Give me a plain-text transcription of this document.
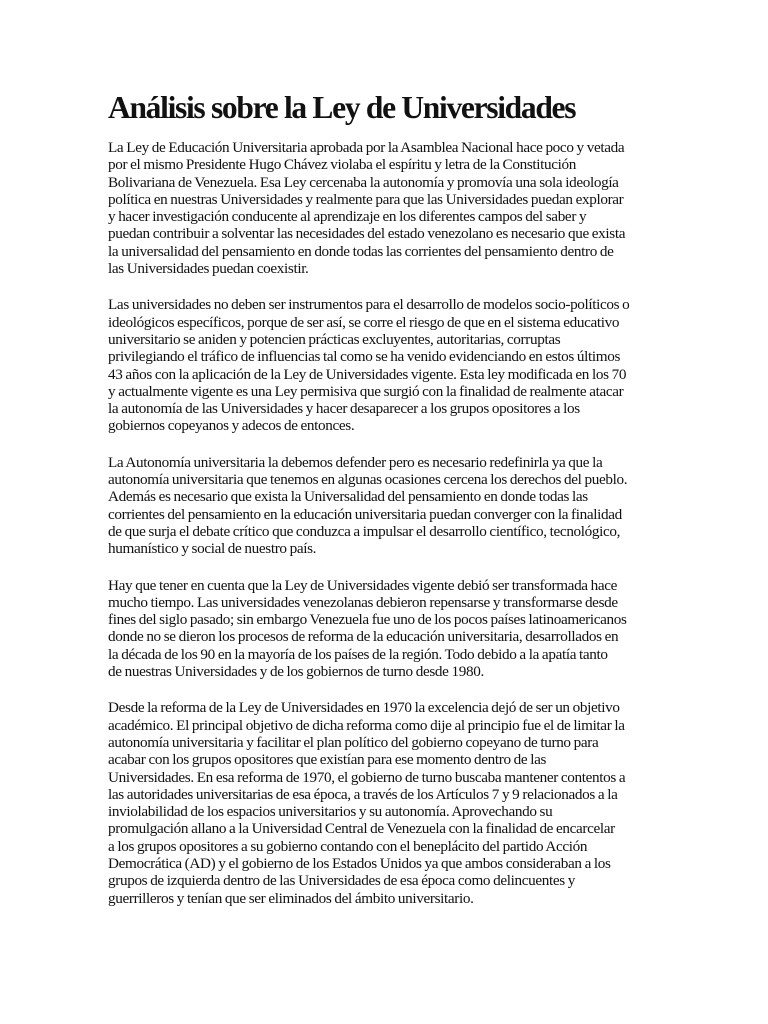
Análisis sobre la Ley de Universidades

La Ley de Educación Universitaria aprobada por la Asamblea Nacional hace poco y vetada
por el mismo Presidente Hugo Chávez violaba el espíritu y letra de la Constitución
Bolivariana de Venezuela. Esa Ley cercenaba la autonomía y promovía una sola ideología
política en nuestras Universidades y realmente para que las Universidades puedan explorar
y hacer investigación conducente al aprendizaje en los diferentes campos del saber y
puedan contribuir a solventar las necesidades del estado venezolano es necesario que exista
la universalidad del pensamiento en donde todas las corrientes del pensamiento dentro de
las Universidades puedan coexistir.

Las universidades no deben ser instrumentos para el desarrollo de modelos socio-políticos o
ideológicos específicos, porque de ser así, se corre el riesgo de que en el sistema educativo
universitario se aniden y potencien prácticas excluyentes, autoritarias, corruptas
privilegiando el tráfico de influencias tal como se ha venido evidenciando en estos últimos
43 años con la aplicación de la Ley de Universidades vigente. Esta ley modificada en los 70
y actualmente vigente es una Ley permisiva que surgió con la finalidad de realmente atacar
la autonomía de las Universidades y hacer desaparecer a los grupos opositores a los
gobiernos copeyanos y adecos de entonces.

La Autonomía universitaria la debemos defender pero es necesario redefinirla ya que la
autonomía universitaria que tenemos en algunas ocasiones cercena los derechos del pueblo.
Además es necesario que exista la Universalidad del pensamiento en donde todas las
corrientes del pensamiento en la educación universitaria puedan converger con la finalidad
de que surja el debate crítico que conduzca a impulsar el desarrollo científico, tecnológico,
humanístico y social de nuestro país.

Hay que tener en cuenta que la Ley de Universidades vigente debió ser transformada hace
mucho tiempo. Las universidades venezolanas debieron repensarse y transformarse desde
fines del siglo pasado; sin embargo Venezuela fue uno de los pocos países latinoamericanos
donde no se dieron los procesos de reforma de la educación universitaria, desarrollados en
la década de los 90 en la mayoría de los países de la región. Todo debido a la apatía tanto
de nuestras Universidades y de los gobiernos de turno desde 1980.

Desde la reforma de la Ley de Universidades en 1970 la excelencia dejó de ser un objetivo
académico. El principal objetivo de dicha reforma como dije al principio fue el de limitar la
autonomía universitaria y facilitar el plan político del gobierno copeyano de turno para
acabar con los grupos opositores que existían para ese momento dentro de las
Universidades. En esa reforma de 1970, el gobierno de turno buscaba mantener contentos a
las autoridades universitarias de esa época, a través de los Artículos 7 y 9 relacionados a la
inviolabilidad de los espacios universitarios y su autonomía. Aprovechando su
promulgación allano a la Universidad Central de Venezuela con la finalidad de encarcelar
a los grupos opositores a su gobierno contando con el beneplácito del partido Acción
Democrática (AD) y el gobierno de los Estados Unidos ya que ambos consideraban a los
grupos de izquierda dentro de las Universidades de esa época como delincuentes y
guerrilleros y tenían que ser eliminados del ámbito universitario.
